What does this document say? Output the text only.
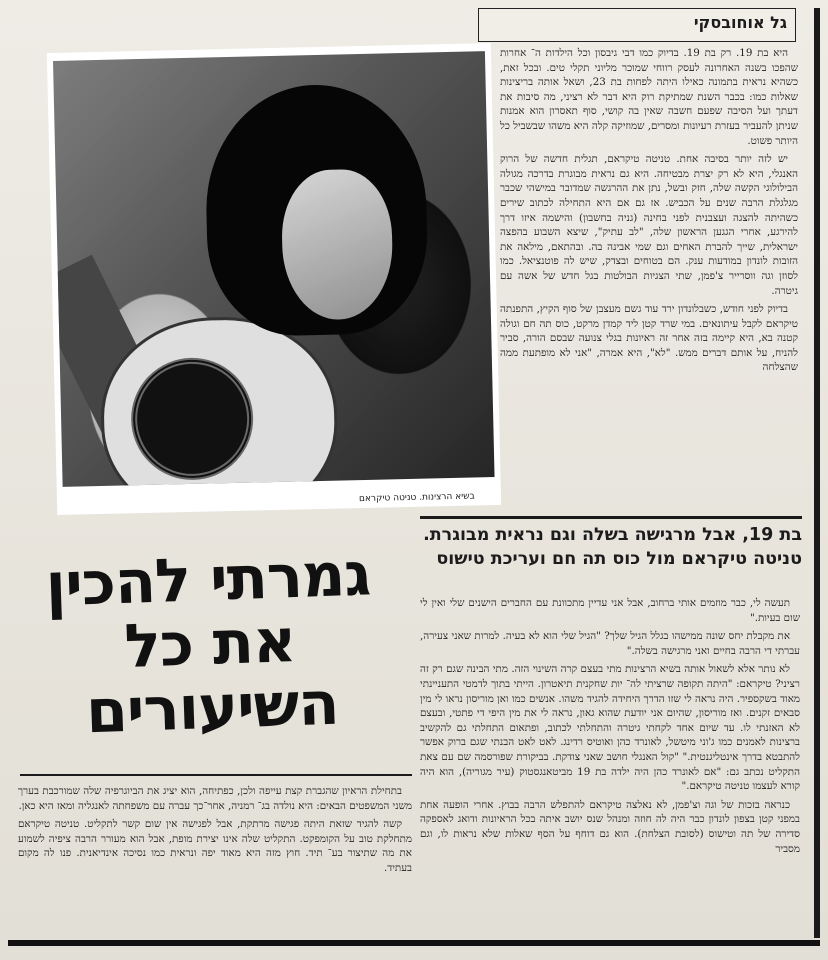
גל אוחובסקי

היא בת 19. רק בת 19. בדיוק כמו דבי גיבסון וכל הילדות ה־ אחרות שהפכו בשנה האחרונה לעסק רווחי שמוכר מליוני תקלי טים. ובכל זאת, כשהיא נראית בתמונה כאילו היתה לפחות בת 23, ושאל אותה בריצינות שאלות כמו: בכבר השנת שמתיקת רוק היא דבר לא רציני, מה סיבות את דעתך ועל הסיבה שפעם חשבה שאין בה קושי, סוף תאסרון הוא אמנות שניתן להעביר בעזרת רעיונות ומסרים, שמוזיקה קלה היא משהו שבשביל כל היותר פשוט.

יש לזה יותר בסיבה אחת. טניטה טיקראם, תגלית חדשה של הרוק האנגלי, היא לא רק יצרת מבטיחה. היא גם נראית מבוגרת בדרכה מגולה הבילולוגי הקשה שלה, חזק ובשל, נתן את ההרגשה שמדובר במישהי שכבר מגלגלת הרבה שנים על הכביש. אז גם אם היא התחילה לכתוב שירים כשהיתה להצגה ועצבנית לפני בחינה (גניה בחשבון) והישמה איזו דרך להירגע, אחרי הגגען הראשון שלה, "לב עתיק", שיצא השבוע בהפצה ישראלית, שייך להברת האחים וגם שמי אבינה בה. ובהתאם, מילאה את הזובות לונדון במודעות ענק. הם בטוחים ובצדק, שיש לה פוטנציאל. כמו לסוזן וגה ווסרייר צ'פמן, שתי הצגיות הבולטות בגל חדש של אשה עם גיטרה.

בדיוק לפני חודש, כשבלונדון ירד עוד גשם מעצבן של סוף הקיץ, התפנתה טיקראם לקבל עיתונאים. במי שרד קטן ליד קמדן מרקט, כוס תה חם וגולה קטנה בא, היא קיימה בזה אחר זה ראיונות בגלי צנועה שבסם הורה, סביר להניח, על אותם דברים ממש. "לא", היא אמרה, "אני לא מופתעת ממה שהצלחה

בשיא הרצינות. טניטה טיקראם
בת 19, אבל מרגישה בשלה וגם נראית מבוגרת.
טניטה טיקראם מול כוס תה חם ועריכת טישוס
גמרתי להכין את כל השיעורים

תעשה לי, כבר מוזמים אותי ברחוב, אבל אני עדיין מתכוונת עם החברים הישנים שלי ואין לי שום בעיות."

את מקבלת יחס שונה ממישהו בגלל הגיל שלך? "הגיל שלי הוא לא בעיה. למרות שאני צעירה, עברתי די הרבה בחיים ואני מרגישה בשלה."

לא נותר אלא לשאול אותה בשיא הרצינות מתי בעצם קרה השינוי הזה. מתי הבינה שגם רק זה רציני? טיקראם: "היתה תקופה שרציתי לה־ יות שחקנית תיאטרון. הייתי בתוך לדמטי התעניינתי מאוד בשקספיר. היה נראה לי שזו הדרך היחידה להגיד משהו. אנשים כמו ואן מוריסון נראו לי מין סבאים זקנים. ואז מוריסון, שהיום אני יודעת שהוא גאון, נראה לי את מין היפי די פתטי, ובעצם לא האזנתי לו. עד שיום אחד לקחתי גיטרה והתחלתי לכתוב, ופתאום התחלתי גם להקשיב ברצינות לאמנים כמו ג'וני מיטשל, לאונרד כהן ואוטיס רדינג. לאט לאט הבנתי שגם ברוק אפשר להתבטא בדרך אינטליגנטית." "קול האנגלי חושב שאני צודקת. בביקורת שפורסמה שם עם צאת התקליט נכתב גם: "אם לאונרד כהן היה ילדה בת 19 מביטאנגסטוק (עיר מגוריה), הוא היה קורא לעצמו טניטה טיקראם."

כנראה בזכות של וגה וצ'פמן, לא נאלצה טיקראם להתפלש הרבה בבוץ. אחרי הופעה אחת במפני קטן בצפון לונדון כבר היה לה חוזה ומנהל שנס יושב איתה בכל הראיונות ודואג לאספקה סדירה של תה וטישוס (לסובת הצלחת). הוא גם דוחף על הסף שאלות שלא נראות לו, וגם מסביר

בתחילת הראיון שהגברת קצת עייפה ולכן, כפתיחה, הוא יציג את הביוגרפיה שלה שמורכבת בערך משני המשפטים הבאים: היא נולדה בג־ רמניה, אחר־כך עברה עם משפחתה לאנגליה ומאז היא כאן.

קשה להגיד שזאת היתה פגישה מרתקת, אבל לפגישה אין שום קשר לתקליט. טניטה טיקראם מתחלקת טוב על הקומפקט. התקליט שלה אינו יצירת מופת, אבל הוא מעורר הרבה ציפיה לשמוע את מה שתיצור בע־ תיד. חוץ מזה היא מאוד יפה ונראית כמו נסיכה אינדיאנית. פנו לה מקום בעתיד.
